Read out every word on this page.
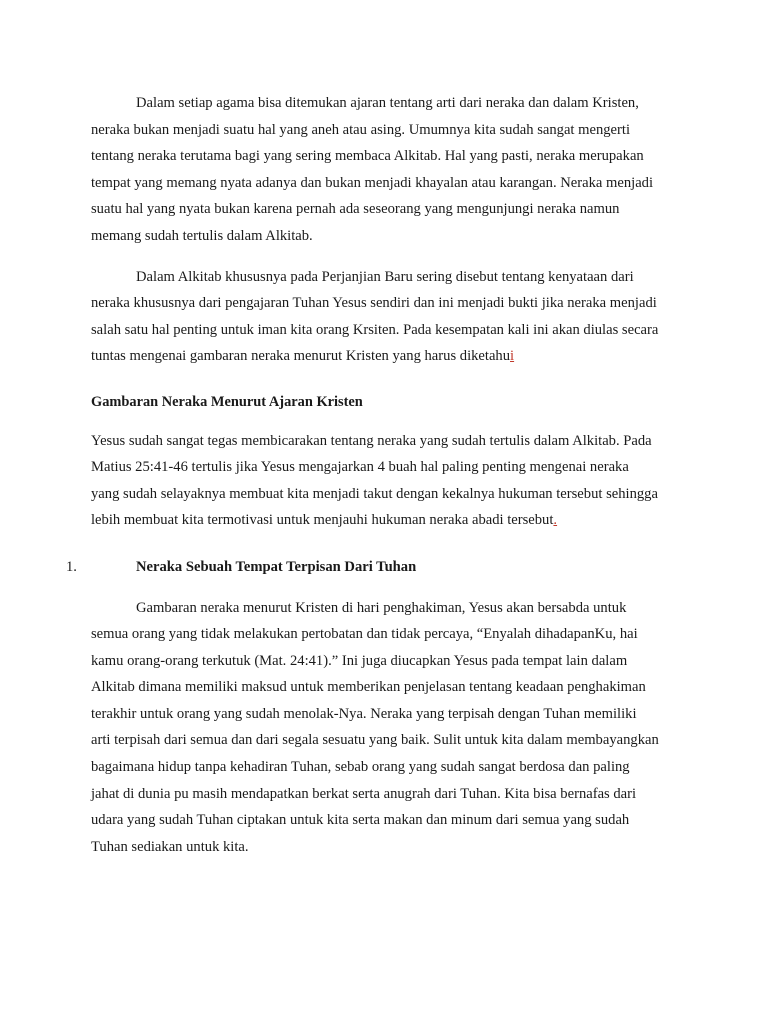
Dalam setiap agama bisa ditemukan ajaran tentang arti dari neraka dan dalam Kristen,
neraka bukan menjadi suatu hal yang aneh atau asing. Umumnya kita sudah sangat mengerti
tentang neraka terutama bagi yang sering membaca Alkitab. Hal yang pasti, neraka merupakan
tempat yang memang nyata adanya dan bukan menjadi khayalan atau karangan. Neraka menjadi
suatu hal yang nyata bukan karena pernah ada seseorang yang mengunjungi neraka namun
memang sudah tertulis dalam Alkitab.
Dalam Alkitab khususnya pada Perjanjian Baru sering disebut tentang kenyataan dari
neraka khususnya dari pengajaran Tuhan Yesus sendiri dan ini menjadi bukti jika neraka menjadi
salah satu hal penting untuk iman kita orang Krsiten. Pada kesempatan kali ini akan diulas secara
tuntas mengenai gambaran neraka menurut Kristen yang harus diketahui
Gambaran Neraka Menurut Ajaran Kristen
Yesus sudah sangat tegas membicarakan tentang neraka yang sudah tertulis dalam Alkitab. Pada
Matius 25:41-46 tertulis jika Yesus mengajarkan 4 buah hal paling penting mengenai neraka
yang sudah selayaknya membuat kita menjadi takut dengan kekalnya hukuman tersebut sehingga
lebih membuat kita termotivasi untuk menjauhi hukuman neraka abadi tersebut.
1.	Neraka Sebuah Tempat Terpisan Dari Tuhan
Gambaran neraka menurut Kristen di hari penghakiman, Yesus akan bersabda untuk
semua orang yang tidak melakukan pertobatan dan tidak percaya, “Enyalah dihadapanKu, hai
kamu orang-orang terkutuk (Mat. 24:41).” Ini juga diucapkan Yesus pada tempat lain dalam
Alkitab dimana memiliki maksud untuk memberikan penjelasan tentang keadaan penghakiman
terakhir untuk orang yang sudah menolak-Nya. Neraka yang terpisah dengan Tuhan memiliki
arti terpisah dari semua dan dari segala sesuatu yang baik. Sulit untuk kita dalam membayangkan
bagaimana hidup tanpa kehadiran Tuhan, sebab orang yang sudah sangat berdosa dan paling
jahat di dunia pu masih mendapatkan berkat serta anugrah dari Tuhan. Kita bisa bernafas dari
udara yang sudah Tuhan ciptakan untuk kita serta makan dan minum dari semua yang sudah
Tuhan sediakan untuk kita.
